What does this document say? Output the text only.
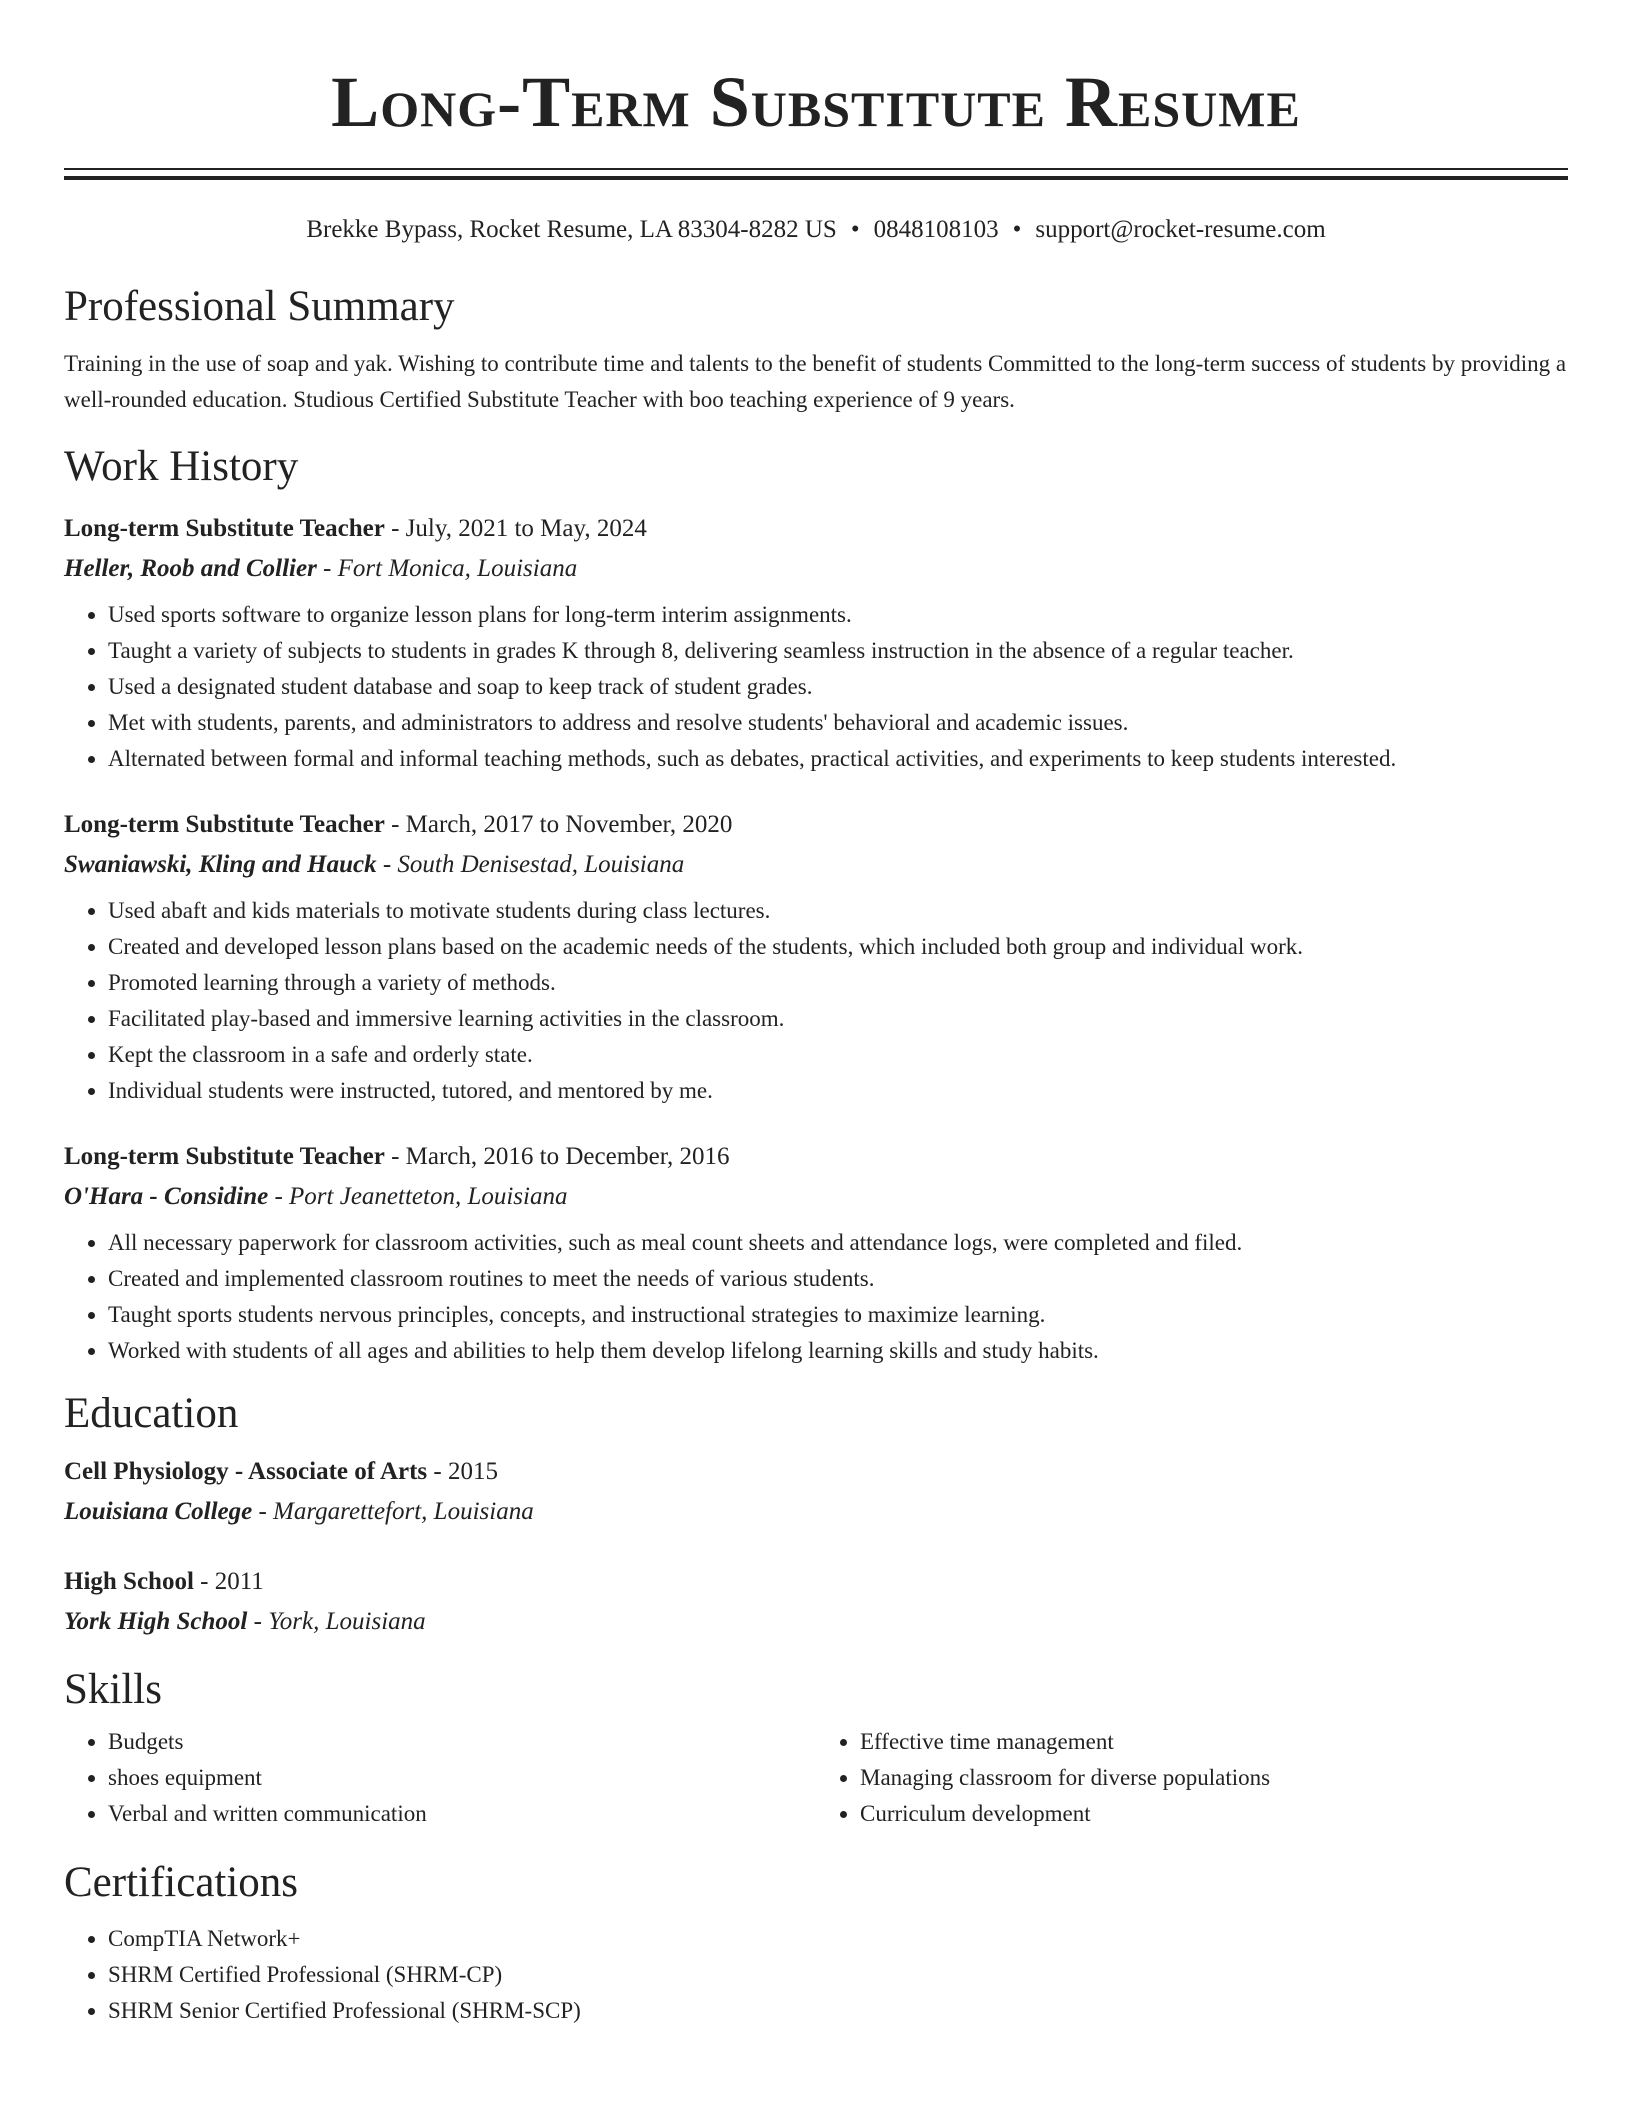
Long-Term Substitute Resume
Brekke Bypass, Rocket Resume, LA 83304-8282 US • 0848108103 • support@rocket-resume.com
Professional Summary
Training in the use of soap and yak. Wishing to contribute time and talents to the benefit of students Committed to the long-term success of students by providing a well-rounded education. Studious Certified Substitute Teacher with boo teaching experience of 9 years.
Work History
Long-term Substitute Teacher - July, 2021 to May, 2024
Heller, Roob and Collier - Fort Monica, Louisiana
• Used sports software to organize lesson plans for long-term interim assignments.
• Taught a variety of subjects to students in grades K through 8, delivering seamless instruction in the absence of a regular teacher.
• Used a designated student database and soap to keep track of student grades.
• Met with students, parents, and administrators to address and resolve students' behavioral and academic issues.
• Alternated between formal and informal teaching methods, such as debates, practical activities, and experiments to keep students interested.
Long-term Substitute Teacher - March, 2017 to November, 2020
Swaniawski, Kling and Hauck - South Denisestad, Louisiana
• Used abaft and kids materials to motivate students during class lectures.
• Created and developed lesson plans based on the academic needs of the students, which included both group and individual work.
• Promoted learning through a variety of methods.
• Facilitated play-based and immersive learning activities in the classroom.
• Kept the classroom in a safe and orderly state.
• Individual students were instructed, tutored, and mentored by me.
Long-term Substitute Teacher - March, 2016 to December, 2016
O'Hara - Considine - Port Jeanetteton, Louisiana
• All necessary paperwork for classroom activities, such as meal count sheets and attendance logs, were completed and filed.
• Created and implemented classroom routines to meet the needs of various students.
• Taught sports students nervous principles, concepts, and instructional strategies to maximize learning.
• Worked with students of all ages and abilities to help them develop lifelong learning skills and study habits.
Education
Cell Physiology - Associate of Arts - 2015
Louisiana College - Margarettefort, Louisiana
High School - 2011
York High School - York, Louisiana
Skills
• Budgets
• shoes equipment
• Verbal and written communication
• Effective time management
• Managing classroom for diverse populations
• Curriculum development
Certifications
• CompTIA Network+
• SHRM Certified Professional (SHRM-CP)
• SHRM Senior Certified Professional (SHRM-SCP)
